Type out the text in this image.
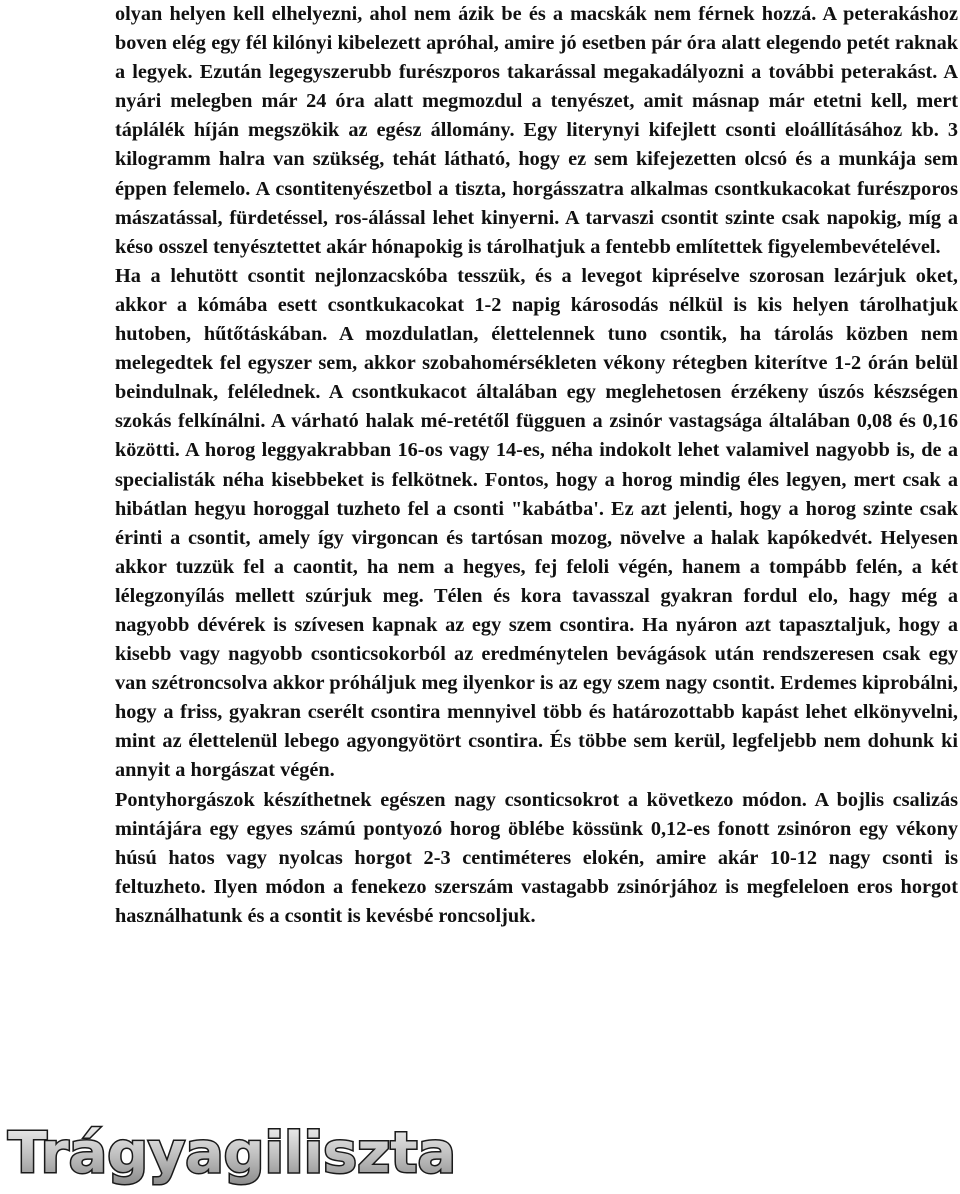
olyan helyen kell elhelyezni, ahol nem ázik be és a macskák nem férnek hozzá. A peterakáshoz boven elég egy fél kilónyi kibelezett apróhal, amire jó esetben pár óra alatt elegendo petét raknak a legyek. Ezután legegyszerubb furészporos takarással megakadályozni a további peterakást. A nyári melegben már 24 óra alatt megmozdul a tenyészet, amit másnap már etetni kell, mert táplálék híján megszökik az egész állomány. Egy literynyi kifejlett csonti eloállításához kb. 3 kilogramm halra van szükség, tehát látható, hogy ez sem kifejezetten olcsó és a munkája sem éppen felemelo. A csontitenyészetbol a tiszta, horgásszatra alkalmas csontkukacokat furészporos mászatással, fürdetéssel, ros-álással lehet kinyerni. A tarvaszi csontit szinte csak napokig, míg a késo osszel tenyésztettet akár hónapokig is tárolhatjuk a fentebb említettek figyelembevételével.

Ha a lehutött csontit nejlonzacskóba tesszük, és a levegot kipréselve szorosan lezárjuk oket, akkor a kómába esett csontkukacokat 1-2 napig károsodás nélkül is kis helyen tárolhatjuk hutoben, hűtőtáskában. A mozdulatlan, élettelennek tuno csontik, ha tárolás közben nem melegedtek fel egyszer sem, akkor szobahomérsékleten vékony rétegben kiterítve 1-2 órán belül beindulnak, felélednek. A csontkukacot általában egy meglehetosen érzékeny úszós készségen szokás felkínálni. A várható halak mé-retétől függuen a zsinór vastagsága általában 0,08 és 0,16 közötti. A horog leggyakrabban 16-os vagy 14-es, néha indokolt lehet valamivel nagyobb is, de a specialisták néha kisebbeket is felkötnek. Fontos, hogy a horog mindig éles legyen, mert csak a hibátlan hegyu horoggal tuzheto fel a csonti "kabátba'. Ez azt jelenti, hogy a horog szinte csak érinti a csontit, amely így virgoncan és tartósan mozog, növelve a halak kapókedvét. Helyesen akkor tuzzük fel a caontit, ha nem a hegyes, fej feloli végén, hanem a tompább felén, a két lélegzonyílás mellett szúrjuk meg. Télen és kora tavasszal gyakran fordul elo, hagy még a nagyobb dévérek is szívesen kapnak az egy szem csontira. Ha nyáron azt tapasztaljuk, hogy a kisebb vagy nagyobb csonticsokorból az eredménytelen bevágások után rendszeresen csak egy van szétroncsolva akkor próháljuk meg ilyenkor is az egy szem nagy csontit. Erdemes kiprobálni, hogy a friss, gyakran cserélt csontira mennyivel több és határozottabb kapást lehet elkönyvelni, mint az élettelenül lebego agyongyötört csontira. És többe sem kerül, legfeljebb nem dohunk ki annyit a horgászat végén.

Pontyhorgászok készíthetnek egészen nagy csonticsokrot a következo módon. A bojlis csalizás mintájára egy egyes számú pontyozó horog öblébe kössünk 0,12-es fonott zsinóron egy vékony húsú hatos vagy nyolcas horgot 2-3 centiméteres elokén, amire akár 10-12 nagy csonti is feltuzheto. Ilyen módon a fenekezo szerszám vastagabb zsinórjához is megfeleloen eros horgot használhatunk és a csontit is kevésbé roncsoljuk.

Trágyagiliszta
